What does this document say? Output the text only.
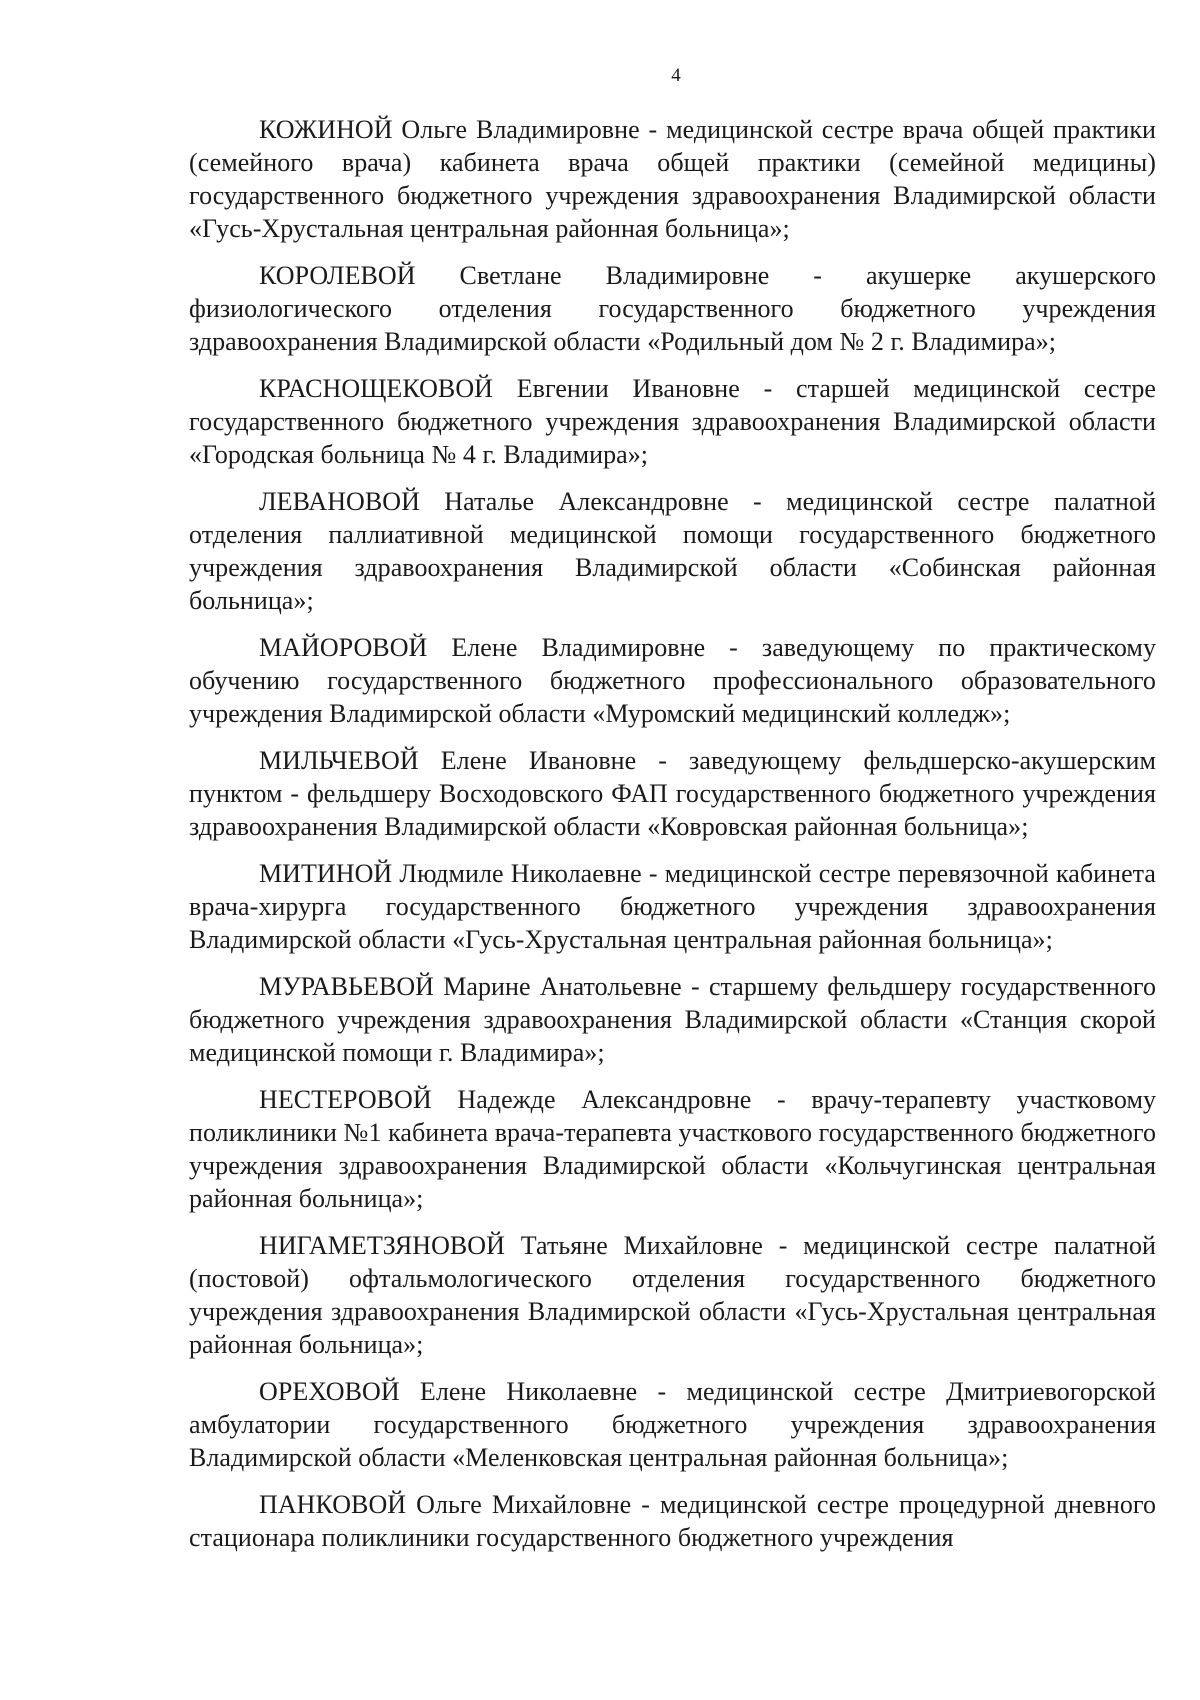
4

КОЖИНОЙ Ольге Владимировне - медицинской сестре врача общей практики (семейного врача) кабинета врача общей практики (семейной медицины) государственного бюджетного учреждения здравоохранения Владимирской области «Гусь-Хрустальная центральная районная больница»;

КОРОЛЕВОЙ Светлане Владимировне - акушерке акушерского физиологического отделения государственного бюджетного учреждения здравоохранения Владимирской области «Родильный дом № 2 г. Владимира»;

КРАСНОЩЕКОВОЙ Евгении Ивановне - старшей медицинской сестре государственного бюджетного учреждения здравоохранения Владимирской области «Городская больница № 4 г. Владимира»;

ЛЕВАНОВОЙ Наталье Александровне - медицинской сестре палатной отделения паллиативной медицинской помощи государственного бюджетного учреждения здравоохранения Владимирской области «Собинская районная больница»;

МАЙОРОВОЙ Елене Владимировне - заведующему по практическому обучению государственного бюджетного профессионального образовательного учреждения Владимирской области «Муромский медицинский колледж»;

МИЛЬЧЕВОЙ Елене Ивановне - заведующему фельдшерско-акушерским пунктом - фельдшеру Восходовского ФАП государственного бюджетного учреждения здравоохранения Владимирской области «Ковровская районная больница»;

МИТИНОЙ Людмиле Николаевне - медицинской сестре перевязочной кабинета врача-хирурга государственного бюджетного учреждения здравоохранения Владимирской области «Гусь-Хрустальная центральная районная больница»;

МУРАВЬЕВОЙ Марине Анатольевне - старшему фельдшеру государственного бюджетного учреждения здравоохранения Владимирской области «Станция скорой медицинской помощи г. Владимира»;

НЕСТЕРОВОЙ Надежде Александровне - врачу-терапевту участковому поликлиники №1 кабинета врача-терапевта участкового государственного бюджетного учреждения здравоохранения Владимирской области «Кольчугинская центральная районная больница»;

НИГАМЕТЗЯНОВОЙ Татьяне Михайловне - медицинской сестре палатной (постовой) офтальмологического отделения государственного бюджетного учреждения здравоохранения Владимирской области «Гусь-Хрустальная центральная районная больница»;

ОРЕХОВОЙ Елене Николаевне - медицинской сестре Дмитриевогорской амбулатории государственного бюджетного учреждения здравоохранения Владимирской области «Меленковская центральная районная больница»;

ПАНКОВОЙ Ольге Михайловне - медицинской сестре процедурной дневного стационара поликлиники государственного бюджетного учреждения
